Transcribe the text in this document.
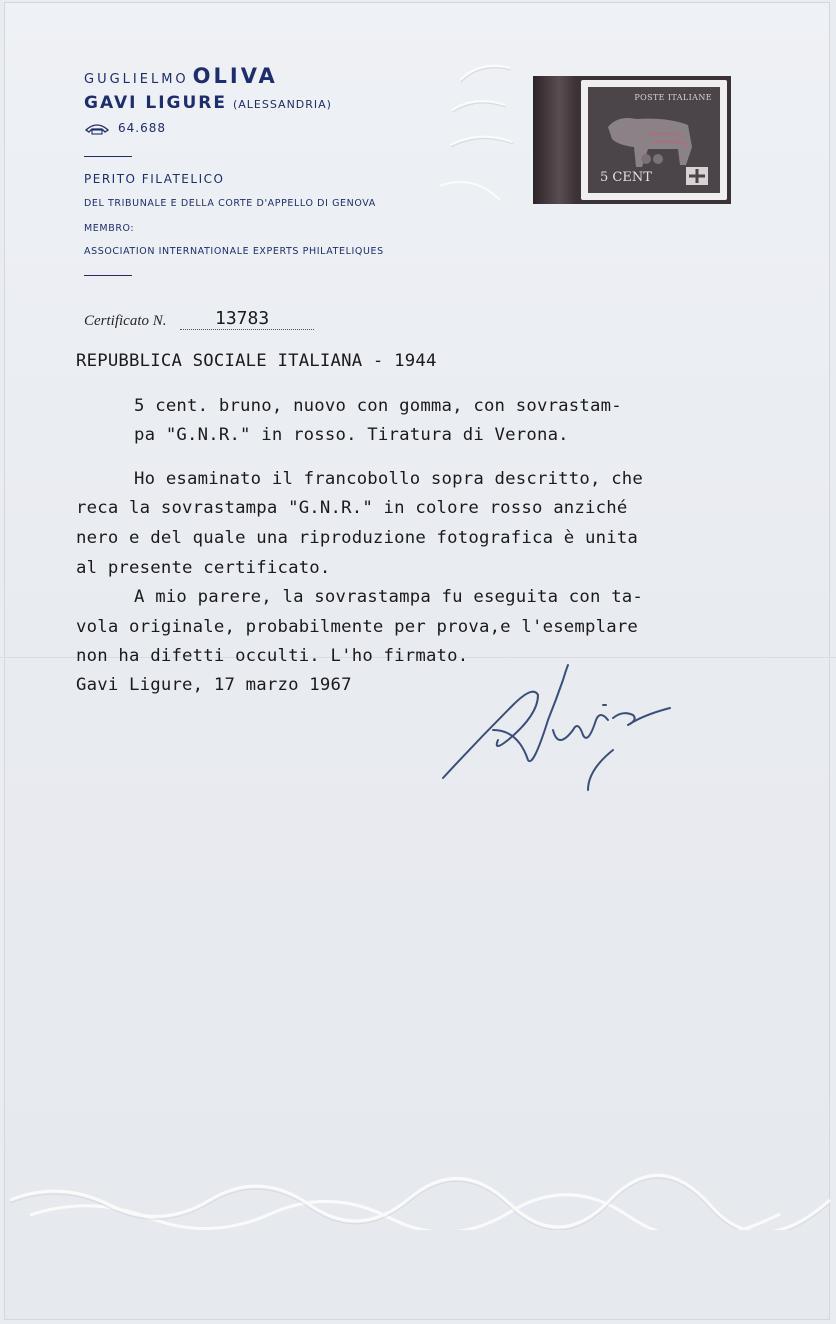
GUGLIELMO OLIVA
GAVI LIGURE (ALESSANDRIA)
64.688
PERITO FILATELICO
DEL TRIBUNALE E DELLA CORTE D'APPELLO DI GENOVA
MEMBRO:
ASSOCIATION INTERNATIONALE EXPERTS PHILATELIQUES
POSTE ITALIANE
5 CENT
Certificato N.	13783
REPUBBLICA SOCIALE ITALIANA - 1944
5 cent. bruno, nuovo con gomma, con sovrastam-
pa "G.N.R." in rosso. Tiratura di Verona.
Ho esaminato il francobollo sopra descritto, che
reca la sovrastampa "G.N.R." in colore rosso anziché
nero e del quale una riproduzione fotografica è unita
al presente certificato.
A mio parere, la sovrastampa fu eseguita con ta-
vola originale, probabilmente per prova,e l'esemplare
non ha difetti occulti. L'ho firmato.
Gavi Ligure, 17 marzo 1967
